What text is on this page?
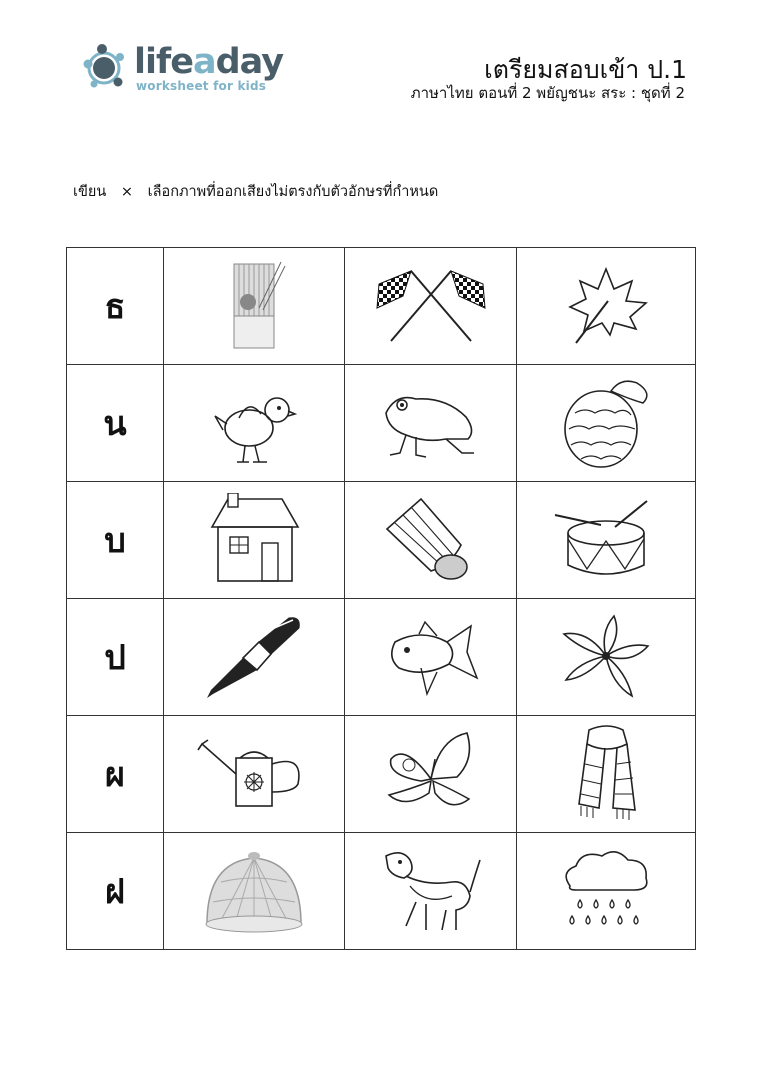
lifeaday
worksheet for kids
เตรียมสอบเข้า ป.1
ภาษาไทย ตอนที่ 2 พยัญชนะ สระ : ชุดที่ 2
เขียน × เลือกภาพที่ออกเสียงไม่ตรงกับตัวอักษรที่กำหนด
ธ	

น	

บ	

ป	

ผ	

ฝ	
